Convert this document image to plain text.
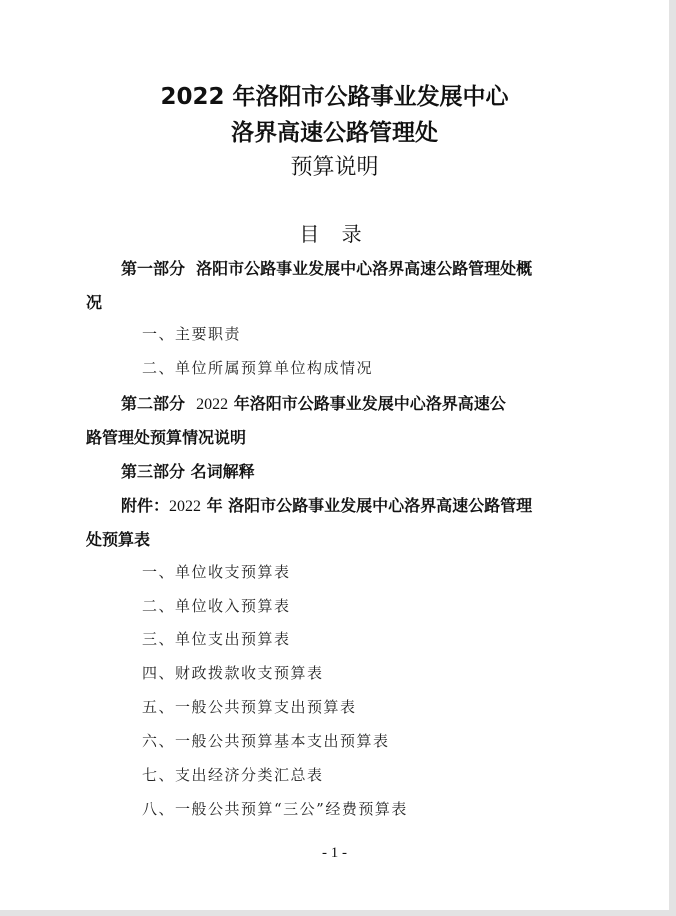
2022 年洛阳市公路事业发展中心
洛界高速公路管理处
预算说明
目 录
第一部分 洛阳市公路事业发展中心洛界高速公路管理处概
况
一、主要职责
二、单位所属预算单位构成情况
第二部分 2022 年洛阳市公路事业发展中心洛界高速公
路管理处预算情况说明
第三部分 名词解释
附件：2022 年 洛阳市公路事业发展中心洛界高速公路管理
处预算表
一、单位收支预算表
二、单位收入预算表
三、单位支出预算表
四、财政拨款收支预算表
五、一般公共预算支出预算表
六、一般公共预算基本支出预算表
七、支出经济分类汇总表
八、一般公共预算“三公”经费预算表
- 1 -
